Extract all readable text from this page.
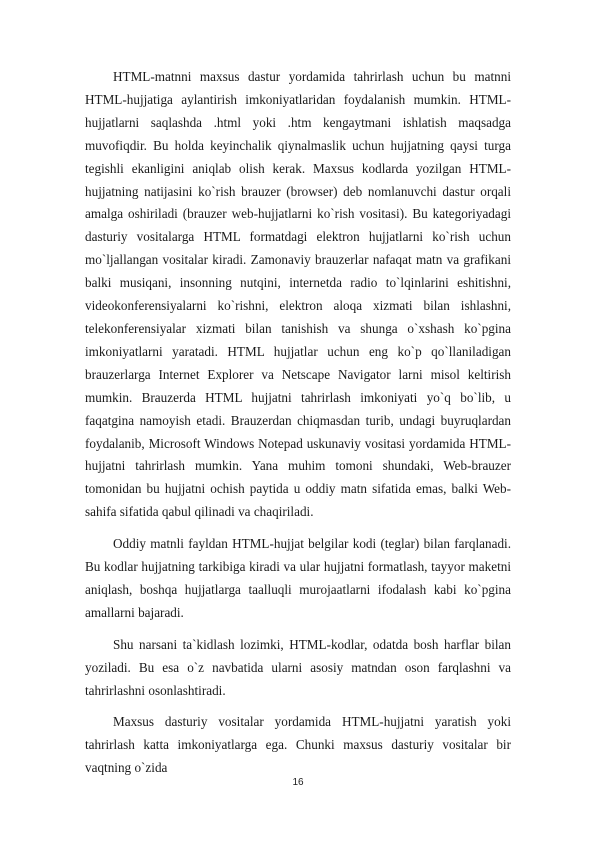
HTML-matnni maxsus dastur yordamida tahrirlash uchun bu matnni HTML-hujjatiga aylantirish imkoniyatlaridan foydalanish mumkin. HTML-hujjatlarni saqlashda .html yoki .htm kengaytmani ishlatish maqsadga muvofiqdir. Bu holda keyinchalik qiynalmaslik uchun hujjatning qaysi turga tegishli ekanligini aniqlab olish kerak. Maxsus kodlarda yozilgan HTML-hujjatning natijasini ko`rish brauzer (browser) deb nomlanuvchi dastur orqali amalga oshiriladi (brauzer web-hujjatlarni ko`rish vositasi). Bu kategoriyadagi dasturiy vositalarga HTML formatdagi elektron hujjatlarni ko`rish uchun mo`ljallangan vositalar kiradi. Zamonaviy brauzerlar nafaqat matn va grafikani balki musiqani, insonning nutqini, internetda radio to`lqinlarini eshitishni, videokonferensiyalarni ko`rishni, elektron aloqa xizmati bilan ishlashni, telekonferensiyalar xizmati bilan tanishish va shunga o`xshash ko`pgina imkoniyatlarni yaratadi. HTML hujjatlar uchun eng ko`p qo`llaniladigan brauzerlarga Internet Explorer va Netscape Navigator larni misol keltirish mumkin. Brauzerda HTML hujjatni tahrirlash imkoniyati yo`q bo`lib, u faqatgina namoyish etadi. Brauzerdan chiqmasdan turib, undagi buyruqlardan foydalanib, Microsoft Windows Notepad uskunaviy vositasi yordamida HTML-hujjatni tahrirlash mumkin. Yana muhim tomoni shundaki, Web-brauzer tomonidan bu hujjatni ochish paytida u oddiy matn sifatida emas, balki Web-sahifa sifatida qabul qilinadi va chaqiriladi.

Oddiy matnli fayldan HTML-hujjat belgilar kodi (teglar) bilan farqlanadi. Bu kodlar hujjatning tarkibiga kiradi va ular hujjatni formatlash, tayyor maketni aniqlash, boshqa hujjatlarga taalluqli murojaatlarni ifodalash kabi ko`pgina amallarni bajaradi.

Shu narsani ta`kidlash lozimki, HTML-kodlar, odatda bosh harflar bilan yoziladi. Bu esa o`z navbatida ularni asosiy matndan oson farqlashni va tahrirlashni osonlashtiradi.

Maxsus dasturiy vositalar yordamida HTML-hujjatni yaratish yoki tahrirlash katta imkoniyatlarga ega. Chunki maxsus dasturiy vositalar bir vaqtning o`zida

16
